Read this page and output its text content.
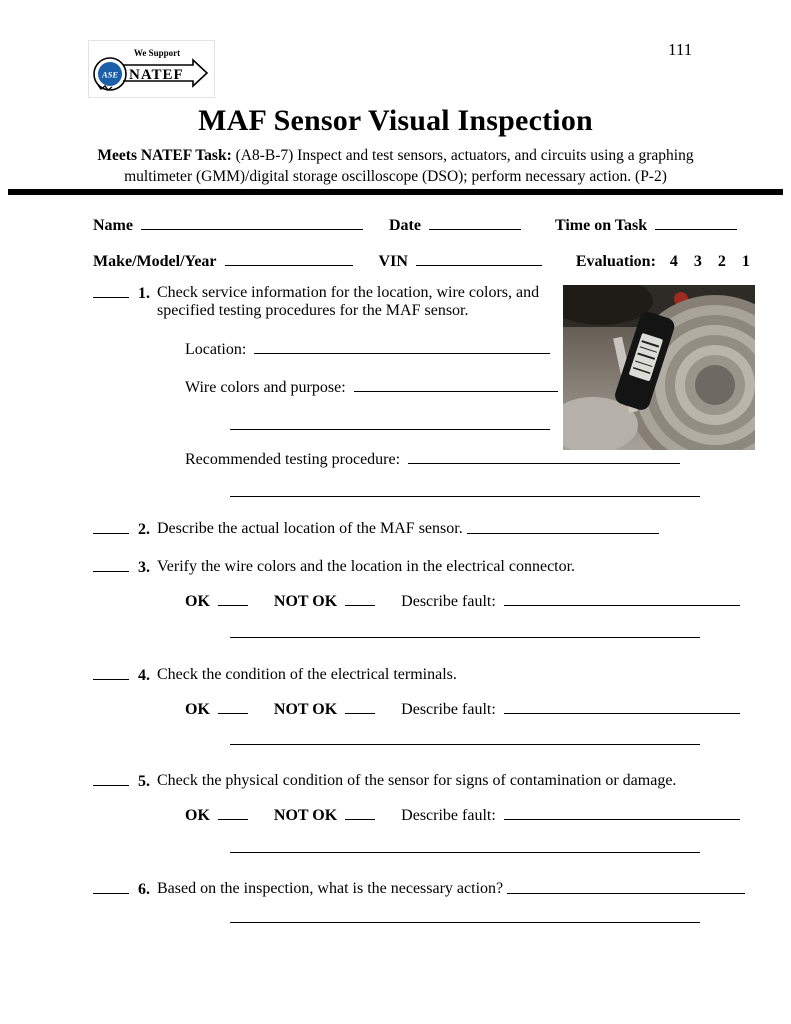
ASE
We Support
NATEF
111
MAF Sensor Visual Inspection
Meets NATEF Task: (A8-B-7) Inspect and test sensors, actuators, and circuits using a graphing multimeter (GMM)/digital storage oscilloscope (DSO); perform necessary action. (P-2)
Name	Date	Time on Task
Make/Model/Year	VIN	Evaluation: 4    3    2    1
1. Check service information for the location, wire colors, and specified testing procedures for the MAF sensor.
Location:
Wire colors and purpose:
Recommended testing procedure:
2. Describe the actual location of the MAF sensor.
3. Verify the wire colors and the location in the electrical connector.
OK	NOT OK	Describe fault:
4. Check the condition of the electrical terminals.
OK	NOT OK	Describe fault:
5. Check the physical condition of the sensor for signs of contamination or damage.
OK	NOT OK	Describe fault:
6. Based on the inspection, what is the necessary action?
